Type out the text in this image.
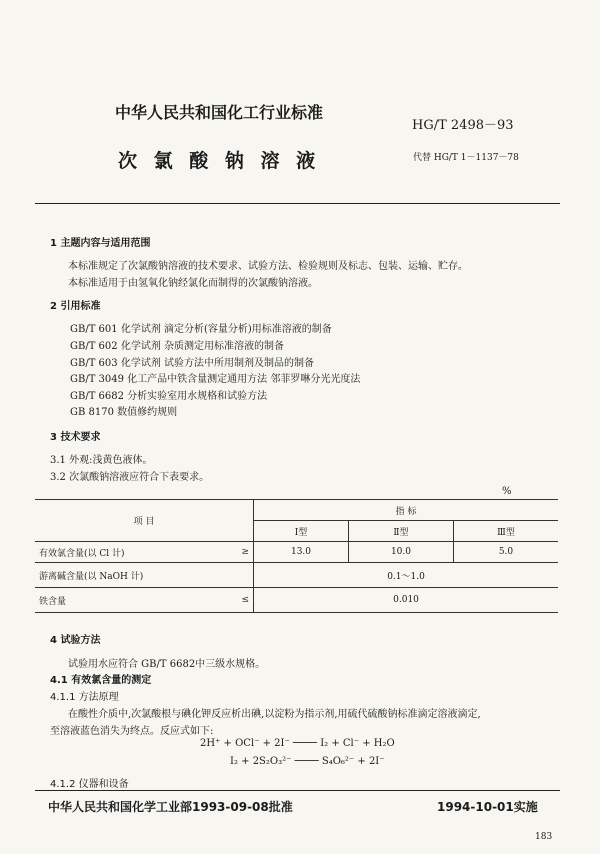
中华人民共和国化工行业标准
HG/T 2498－93
次 氯 酸 钠 溶 液	代替 HG/T 1－1137－78
1 主题内容与适用范围
本标准规定了次氯酸钠溶液的技术要求、试验方法、检验规则及标志、包装、运输、贮存。
本标准适用于由氢氧化钠经氯化而制得的次氯酸钠溶液。
2 引用标准
GB/T 601 化学试剂 滴定分析(容量分析)用标准溶液的制备
GB/T 602 化学试剂 杂质测定用标准溶液的制备
GB/T 603 化学试剂 试验方法中所用制剂及制品的制备
GB/T 3049 化工产品中铁含量测定通用方法 邻菲罗啉分光光度法
GB/T 6682 分析实验室用水规格和试验方法
GB 8170 数值修约规则
3 技术要求
3.1 外观:浅黄色液体。
3.2 次氯酸钠溶液应符合下表要求。
%
项 目		指 标		
		Ⅰ型	Ⅱ型	Ⅲ型
有效氯含量(以 Cl 计)	≥	13.0	10.0	5.0
游离碱含量(以 NaOH 计)		0.1～1.0		
铁含量	≤	0.010		
4 试验方法
试验用水应符合 GB/T 6682中三级水规格。
4.1 有效氯含量的测定
4.1.1 方法原理
在酸性介质中,次氯酸根与碘化钾反应析出碘,以淀粉为指示剂,用硫代硫酸钠标准滴定溶液滴定,
至溶液蓝色消失为终点。反应式如下:
2H⁺ + OCl⁻ + 2I⁻ ──── I₂ + Cl⁻ + H₂O
I₂ + 2S₂O₃²⁻ ──── S₄O₆²⁻ + 2I⁻
4.1.2 仪器和设备
中华人民共和国化学工业部1993-09-08批准	1994-10-01实施
183
